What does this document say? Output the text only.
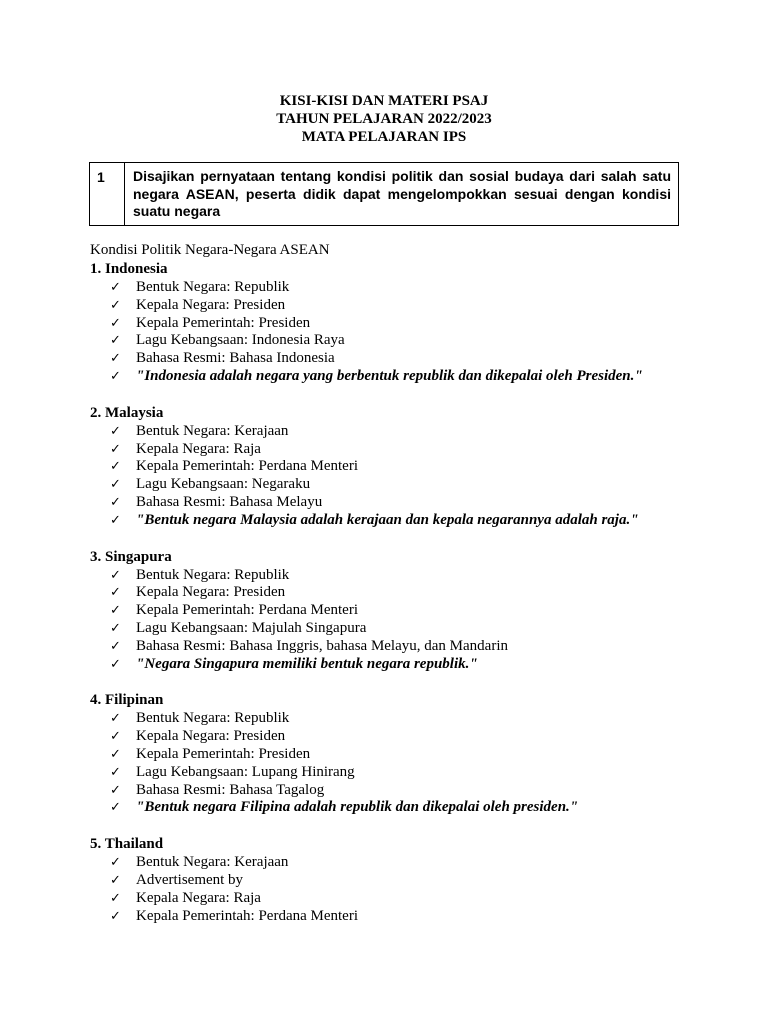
KISI-KISI DAN MATERI PSAJ
TAHUN PELAJARAN 2022/2023
MATA PELAJARAN IPS
1	Disajikan pernyataan tentang kondisi politik dan sosial budaya dari salah satu negara ASEAN, peserta didik dapat mengelompokkan sesuai dengan kondisi suatu negara
Kondisi Politik Negara-Negara ASEAN
1. Indonesia
✓ Bentuk Negara: Republik
✓ Kepala Negara: Presiden
✓ Kepala Pemerintah: Presiden
✓ Lagu Kebangsaan: Indonesia Raya
✓ Bahasa Resmi: Bahasa Indonesia
✓ "Indonesia adalah negara yang berbentuk republik dan dikepalai oleh Presiden."
2. Malaysia
✓ Bentuk Negara: Kerajaan
✓ Kepala Negara: Raja
✓ Kepala Pemerintah: Perdana Menteri
✓ Lagu Kebangsaan: Negaraku
✓ Bahasa Resmi: Bahasa Melayu
✓ "Bentuk negara Malaysia adalah kerajaan dan kepala negarannya adalah raja."
3. Singapura
✓ Bentuk Negara: Republik
✓ Kepala Negara: Presiden
✓ Kepala Pemerintah: Perdana Menteri
✓ Lagu Kebangsaan: Majulah Singapura
✓ Bahasa Resmi: Bahasa Inggris, bahasa Melayu, dan Mandarin
✓ "Negara Singapura memiliki bentuk negara republik."
4. Filipinan
✓ Bentuk Negara: Republik
✓ Kepala Negara: Presiden
✓ Kepala Pemerintah: Presiden
✓ Lagu Kebangsaan: Lupang Hinirang
✓ Bahasa Resmi: Bahasa Tagalog
✓ "Bentuk negara Filipina adalah republik dan dikepalai oleh presiden."
5. Thailand
✓ Bentuk Negara: Kerajaan
✓ Advertisement by
✓ Kepala Negara: Raja
✓ Kepala Pemerintah: Perdana Menteri
